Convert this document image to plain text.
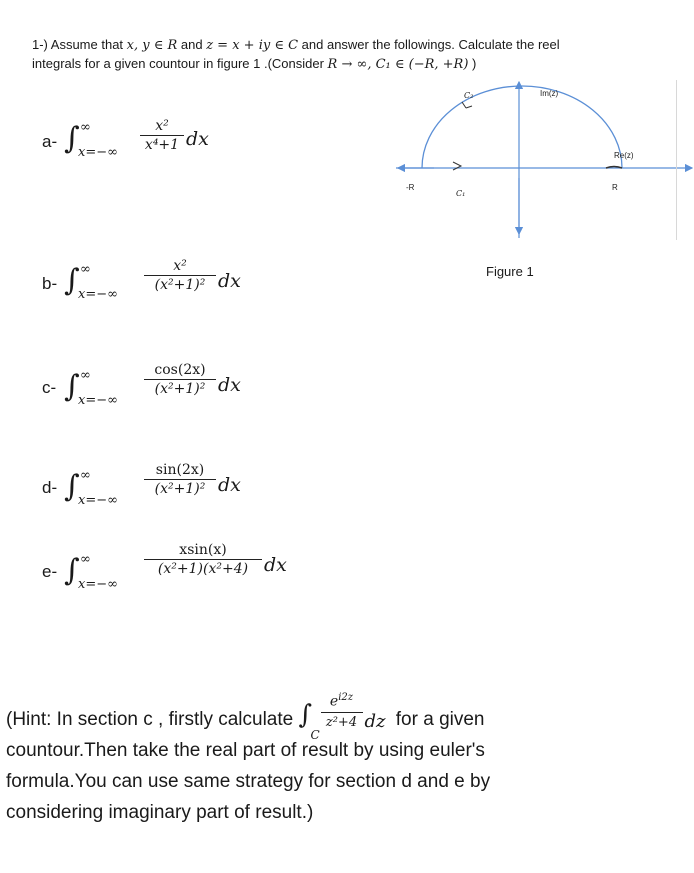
1-) Assume that x, y ∈ R and z = x + iy ∈ C and answer the followings. Calculate the reel
integrals for a given countour in figure 1 .(Consider R → ∞, C₁ ∈ (−R, +R) )
a- ∫ ∞
x=−∞
x²
x⁴+1 dx
b- ∫ ∞
x=−∞
x²
(x²+1)² dx
c- ∫ ∞
x=−∞
cos(2x)
(x²+1)² dx
d- ∫ ∞
x=−∞
sin(2x)
(x²+1)² dx
e- ∫ ∞
x=−∞
xsin(x)
(x²+1)(x²+4) dx
Im(z)
Re(z)
-R	R
C₁
C₂
Figure 1
(Hint: In section c , firstly calculate ∫
C
$e^{i2z}$
z²+4 dz for a given
countour.Then take the real part of result by using euler's
formula.You can use same strategy for section d and e by
considering imaginary part of result.)
